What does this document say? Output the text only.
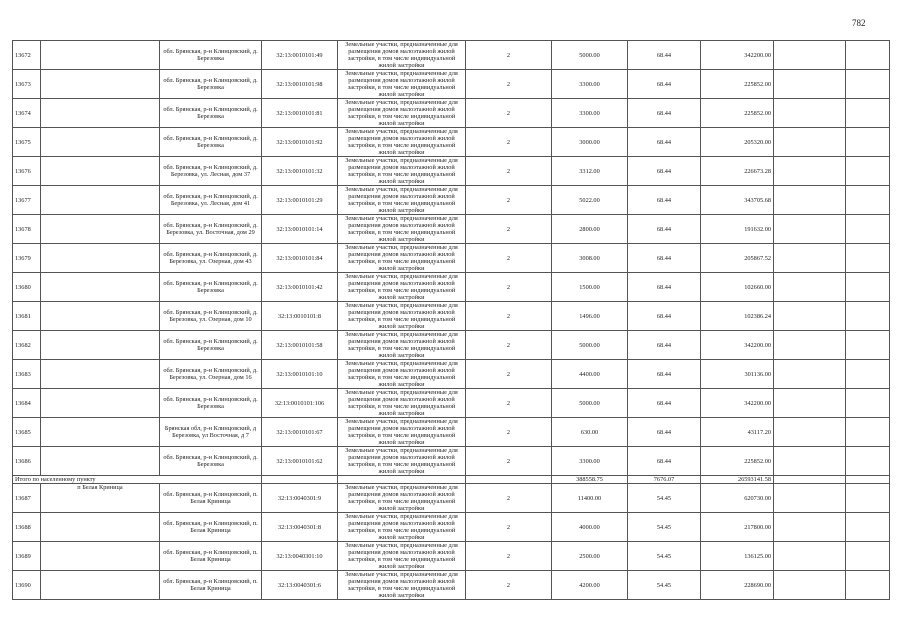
782
13672		обл. Брянская, р-н Клинцовский, д. Березовка	32:13:0010101:49	Земельные участки, предназначенные для размещения домов малоэтажной жилой застройки, в том числе индивидуальной жилой застройки	2	5000.00	68.44	342200.00		
13673		обл. Брянская, р-н Клинцовский, д. Березовка	32:13:0010101:98	Земельные участки, предназначенные для размещения домов малоэтажной жилой застройки, в том числе индивидуальной жилой застройки	2	3300.00	68.44	225852.00		
13674		обл. Брянская, р-н Клинцовский, д. Березовка	32:13:0010101:81	Земельные участки, предназначенные для размещения домов малоэтажной жилой застройки, в том числе индивидуальной жилой застройки	2	3300.00	68.44	225852.00		
13675		обл. Брянская, р-н Клинцовский, д. Березовка	32:13:0010101:92	Земельные участки, предназначенные для размещения домов малоэтажной жилой застройки, в том числе индивидуальной жилой застройки	2	3000.00	68.44	205320.00		
13676		обл. Брянская, р-н Клинцовский, д. Березовка, ул. Лесная, дом 37	32:13:0010101:32	Земельные участки, предназначенные для размещения домов малоэтажной жилой застройки, в том числе индивидуальной жилой застройки	2	3312.00	68.44	226673.28		
13677		обл. Брянская, р-н Клинцовский, д. Березовка, ул. Лесная, дом 41	32:13:0010101:29	Земельные участки, предназначенные для размещения домов малоэтажной жилой застройки, в том числе индивидуальной жилой застройки	2	5022.00	68.44	343705.68		
13678		обл. Брянская, р-н Клинцовский, д. Березовка, ул. Восточная, дом 29	32:13:0010101:14	Земельные участки, предназначенные для размещения домов малоэтажной жилой застройки, в том числе индивидуальной жилой застройки	2	2800.00	68.44	191632.00		
13679		обл. Брянская, р-н Клинцовский, д. Березовка, ул. Озерная, дом 43	32:13:0010101:84	Земельные участки, предназначенные для размещения домов малоэтажной жилой застройки, в том числе индивидуальной жилой застройки	2	3008.00	68.44	205867.52		
13680		обл. Брянская, р-н Клинцовский, д. Березовка	32:13:0010101:42	Земельные участки, предназначенные для размещения домов малоэтажной жилой застройки, в том числе индивидуальной жилой застройки	2	1500.00	68.44	102660.00		
13681		обл. Брянская, р-н Клинцовский, д. Березовка, ул. Озерная, дом 10	32:13:0010101:8	Земельные участки, предназначенные для размещения домов малоэтажной жилой застройки, в том числе индивидуальной жилой застройки	2	1496.00	68.44	102386.24		
13682		обл. Брянская, р-н Клинцовский, д. Березовка	32:13:0010101:58	Земельные участки, предназначенные для размещения домов малоэтажной жилой застройки, в том числе индивидуальной жилой застройки	2	5000.00	68.44	342200.00		
13683		обл. Брянская, р-н Клинцовский, д. Березовка, ул. Озерная, дом 16	32:13:0010101:10	Земельные участки, предназначенные для размещения домов малоэтажной жилой застройки, в том числе индивидуальной жилой застройки	2	4400.00	68.44	301136.00		
13684		обл. Брянская, р-н Клинцовский, д. Березовка	32:13:0010101:106	Земельные участки, предназначенные для размещения домов малоэтажной жилой застройки, в том числе индивидуальной жилой застройки	2	5000.00	68.44	342200.00		
13685		Брянская обл, р-н Клинцовский, д Березовка, ул Восточная, д 7	32:13:0010101:67	Земельные участки, предназначенные для размещения домов малоэтажной жилой застройки, в том числе индивидуальной жилой застройки	2	630.00	68.44	43117.20		
13686		обл. Брянская, р-н Клинцовский, д. Березовка	32:13:0010101:62	Земельные участки, предназначенные для размещения домов малоэтажной жилой застройки, в том числе индивидуальной жилой застройки	2	3300.00	68.44	225852.00		
Итого по населенному пункту						388558.75	7676.07	26593141.58		
13687	п Белая Криница	обл. Брянская, р-н Клинцовский, п. Белая Криница	32:13:0040301:9	Земельные участки, предназначенные для размещения домов малоэтажной жилой застройки, в том числе индивидуальной жилой застройки	2	11400.00	54.45	620730.00		
13688		обл. Брянская, р-н Клинцовский, п. Белая Криница	32:13:0040301:8	Земельные участки, предназначенные для размещения домов малоэтажной жилой застройки, в том числе индивидуальной жилой застройки	2	4000.00	54.45	217800.00		
13689		обл. Брянская, р-н Клинцовский, п. Белая Криница	32:13:0040301:10	Земельные участки, предназначенные для размещения домов малоэтажной жилой застройки, в том числе индивидуальной жилой застройки	2	2500.00	54.45	136125.00		
13690		обл. Брянская, р-н Клинцовский, п. Белая Криница	32:13:0040301:6	Земельные участки, предназначенные для размещения домов малоэтажной жилой застройки, в том числе индивидуальной жилой застройки	2	4200.00	54.45	228690.00		
